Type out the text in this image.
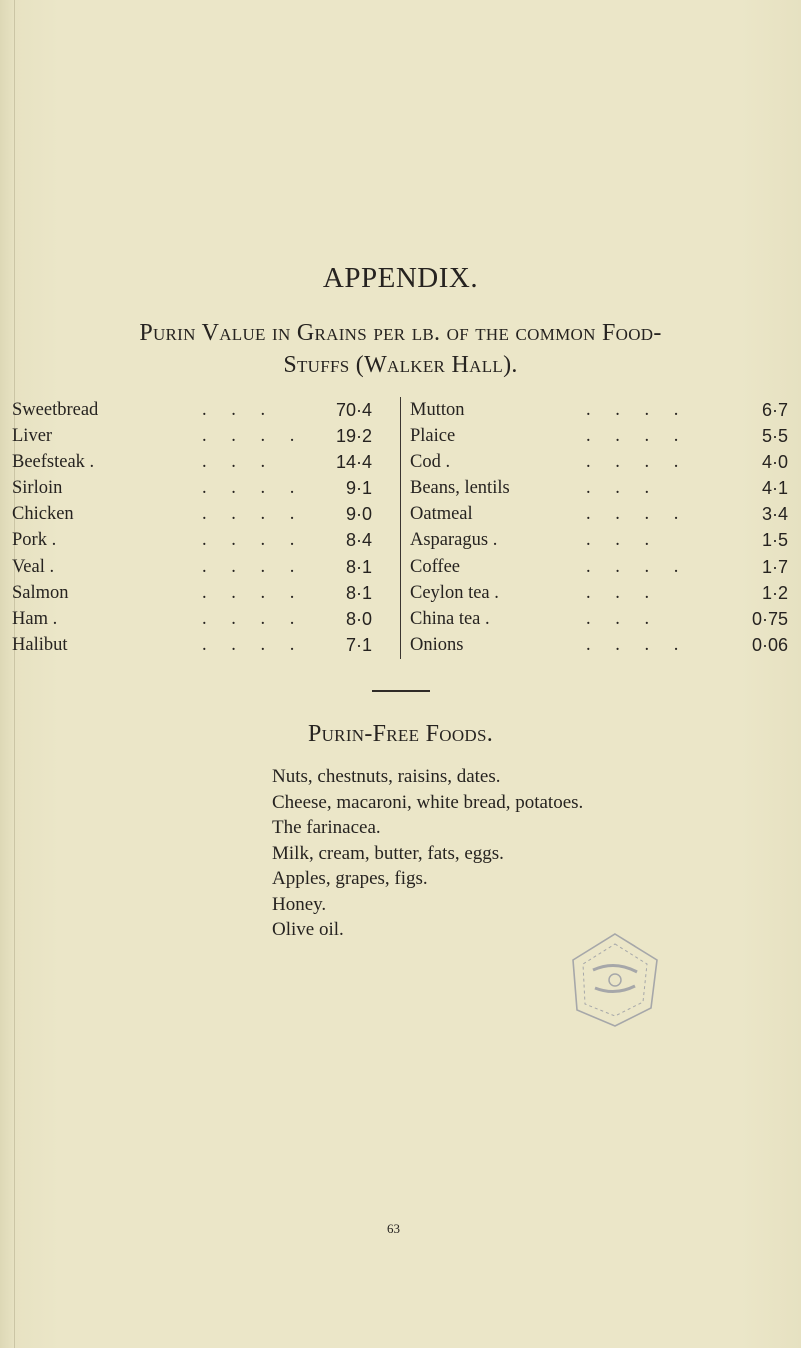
APPENDIX.
Purin Value in Grains per lb. of the common Food-
Stuffs (Walker Hall).
Sweetbread	. . .	70·4
Liver	. . . . 19·2
Beefsteak .	. . .	14·4
Sirloin	. . . . 9·1
Chicken	. . . . 9·0
Pork .	. . . . 8·4
Veal .	. . . . 8·1
Salmon	. . . . 8·1
Ham .	. . . . 8·0
Halibut	. . . . 7·1
Mutton	. . . .	6·7
Plaice	. . . .	5·5
Cod .	. . . .	4·0
Beans, lentils	. . .	4·1
Oatmeal	. . . .	3·4
Asparagus .	. . .	1·5
Coffee	. . . .	1·7
Ceylon tea .	. . .	1·2
China tea .	. . .	0·75
Onions	. . . .	0·06
Purin-Free Foods.
Nuts, chestnuts, raisins, dates.
Cheese, macaroni, white bread, potatoes.
The farinacea.
Milk, cream, butter, fats, eggs.
Apples, grapes, figs.
Honey.
Olive oil.
63
